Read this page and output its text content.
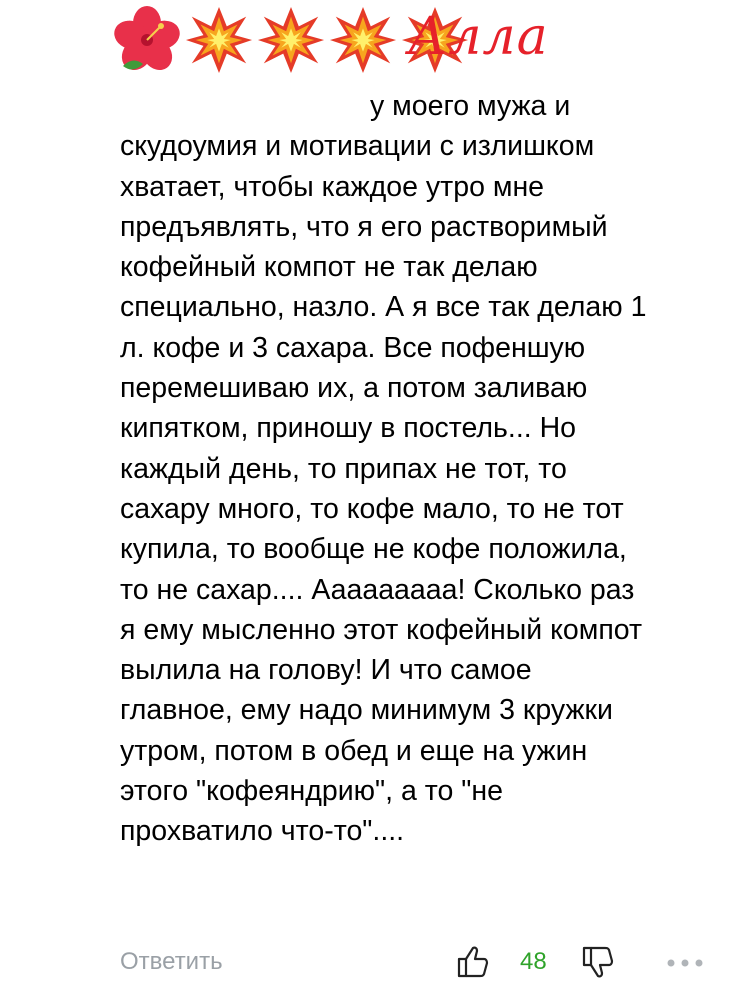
Алла

у моего мужа и
скудоумия и мотивации с излишком
хватает, чтобы каждое утро мне
предъявлять, что я его растворимый
кофейный компот не так делаю
специально, назло. А я все так делаю 1
л. кофе и 3 сахара. Все пофеншую
перемешиваю их, а потом заливаю
кипятком, приношу в постель... Но
каждый день, то припах не тот, то
сахару много, то кофе мало, то не тот
купила, то вообще не кофе положила,
то не сахар.... Ааааааааа! Сколько раз
я ему мысленно этот кофейный компот
вылила на голову! И что самое
главное, ему надо минимум 3 кружки
утром, потом в обед и еще на ужин
этого "кофеяндрию", а то "не
прохватило что-то"....

Ответить	48
